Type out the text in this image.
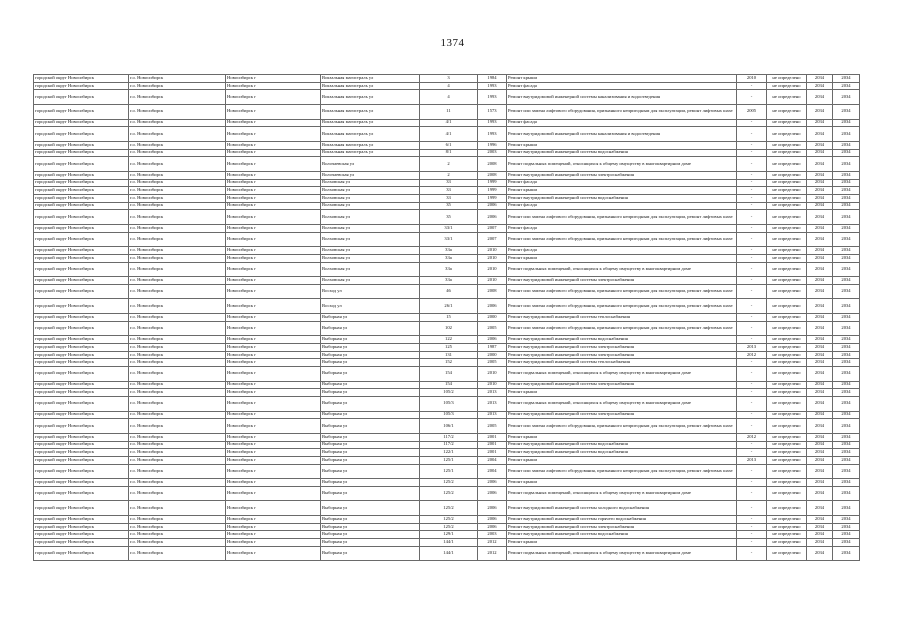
1374
городской округ Новосибирск	г.о. Новосибирск	Новосибирск г	Вокзальная магистраль ул	3	1984	Ремонт крыши	2010	не определено	2034	2034
городской округ Новосибирск	г.о. Новосибирск	Новосибирск г	Вокзальная магистраль ул	4	1993	Ремонт фасада	-	не определено	2034	2034
городской округ Новосибирск	г.о. Новосибирск	Новосибирск г	Вокзальная магистраль ул	4	1993	Ремонт внутридомовой инженерной системы канализования и водоотведения	-	не определено	2034	2034
городской округ Новосибирск	г.о. Новосибирск	Новосибирск г	Вокзальная магистраль ул	11	1573	Ремонт или замена лифтового оборудования, признанного непригодным для эксплуатации, ремонт лифтовых шахт	2005	не определено	2034	2034
городской округ Новосибирск	г.о. Новосибирск	Новосибирск г	Вокзальная магистраль ул	4/1	1993	Ремонт фасада	-	не определено	2034	2034
городской округ Новосибирск	г.о. Новосибирск	Новосибирск г	Вокзальная магистраль ул	4/1	1993	Ремонт внутридомовой инженерной системы канализования и водоотведения	-	не определено	2034	2034
городской округ Новосибирск	г.о. Новосибирск	Новосибирск г	Вокзальная магистраль ул	6/1	1996	Ремонт крыши	-	не определено	2034	2034
городской округ Новосибирск	г.о. Новосибирск	Новосибирск г	Вокзальная магистраль ул	8/1	2003	Ремонт внутридомовой инженерной системы водоснабжения	-	не определено	2034	2034
городской округ Новосибирск	г.о. Новосибирск	Новосибирск г	Волочаевская ул	2	2008	Ремонт подвальных помещений, относящихся к общему имуществу в многоквартирном доме	-	не определено	2034	2034
городской округ Новосибирск	г.о. Новосибирск	Новосибирск г	Волочаевская ул	2	2008	Ремонт внутридомовой инженерной системы электроснабжения	-	не определено	2034	2034
городской округ Новосибирск	г.о. Новосибирск	Новосибирск г	Волховская ул	33	1999	Ремонт фасада	-	не определено	2034	2034
городской округ Новосибирск	г.о. Новосибирск	Новосибирск г	Волховская ул	33	1999	Ремонт крыши	-	не определено	2034	2034
городской округ Новосибирск	г.о. Новосибирск	Новосибирск г	Волховская ул	33	1999	Ремонт внутридомовой инженерной системы водоснабжения	-	не определено	2034	2034
городской округ Новосибирск	г.о. Новосибирск	Новосибирск г	Волховская ул	35	2006	Ремонт фасада	-	не определено	2034	2034
городской округ Новосибирск	г.о. Новосибирск	Новосибирск г	Волховская ул	35	2006	Ремонт или замена лифтового оборудования, признанного непригодным для эксплуатации, ремонт лифтовых шахт	-	не определено	2034	2034
городской округ Новосибирск	г.о. Новосибирск	Новосибирск г	Волховская ул	33/1	2007	Ремонт фасада	-	не определено	2034	2034
городской округ Новосибирск	г.о. Новосибирск	Новосибирск г	Волховская ул	33/1	2007	Ремонт или замена лифтового оборудования, признанного непригодным для эксплуатации, ремонт лифтовых шахт	-	не определено	2034	2034
городской округ Новосибирск	г.о. Новосибирск	Новосибирск г	Волховская ул	33а	2010	Ремонт фасада	-	не определено	2034	2034
городской округ Новосибирск	г.о. Новосибирск	Новосибирск г	Волховская ул	33а	2010	Ремонт крыши	-	не определено	2034	2034
городской округ Новосибирск	г.о. Новосибирск	Новосибирск г	Волховская ул	33а	2010	Ремонт подвальных помещений, относящихся к общему имуществу в многоквартирном доме	-	не определено	2034	2034
городской округ Новосибирск	г.о. Новосибирск	Новосибирск г	Волховская ул	33а	2010	Ремонт внутридомовой инженерной системы электроснабжения	-	не определено	2034	2034
городской округ Новосибирск	г.о. Новосибирск	Новосибирск г	Восход ул	46	2008	Ремонт или замена лифтового оборудования, признанного непригодным для эксплуатации, ремонт лифтовых шахт	-	не определено	2034	2034
городской округ Новосибирск	г.о. Новосибирск	Новосибирск г	Восход ул	26/1	2006	Ремонт или замена лифтового оборудования, признанного непригодным для эксплуатации, ремонт лифтовых шахт	-	не определено	2034	2034
городской округ Новосибирск	г.о. Новосибирск	Новосибирск г	Выборная ул	15	2000	Ремонт внутридомовой инженерной системы теплоснабжения	-	не определено	2034	2034
городской округ Новосибирск	г.о. Новосибирск	Новосибирск г	Выборная ул	102	2005	Ремонт или замена лифтового оборудования, признанного непригодным для эксплуатации, ремонт лифтовых шахт	-	не определено	2034	2034
городской округ Новосибирск	г.о. Новосибирск	Новосибирск г	Выборная ул	122	2006	Ремонт внутридомовой инженерной системы водоснабжения	-	не определено	2034	2034
городской округ Новосибирск	г.о. Новосибирск	Новосибирск г	Выборная ул	125	1987	Ремонт внутридомовой инженерной системы электроснабжения	2013	не определено	2034	2034
городской округ Новосибирск	г.о. Новосибирск	Новосибирск г	Выборная ул	131	2000	Ремонт внутридомовой инженерной системы электроснабжения	2012	не определено	2034	2034
городской округ Новосибирск	г.о. Новосибирск	Новосибирск г	Выборная ул	152	2005	Ремонт внутридомовой инженерной системы теплоснабжения	-	не определено	2034	2034
городской округ Новосибирск	г.о. Новосибирск	Новосибирск г	Выборная ул	154	2010	Ремонт подвальных помещений, относящихся к общему имуществу в многоквартирном доме	-	не определено	2034	2034
городской округ Новосибирск	г.о. Новосибирск	Новосибирск г	Выборная ул	154	2010	Ремонт внутридомовой инженерной системы электроснабжения	-	не определено	2034	2034
городской округ Новосибирск	г.о. Новосибирск	Новосибирск г	Выборная ул	105/2	2013	Ремонт крыши	-	не определено	2034	2034
городской округ Новосибирск	г.о. Новосибирск	Новосибирск г	Выборная ул	105/3	2013	Ремонт подвальных помещений, относящихся к общему имуществу в многоквартирном доме	-	не определено	2034	2034
городской округ Новосибирск	г.о. Новосибирск	Новосибирск г	Выборная ул	105/3	2013	Ремонт внутридомовой инженерной системы электроснабжения	-	не определено	2034	2034
городской округ Новосибирск	г.о. Новосибирск	Новосибирск г	Выборная ул	106/1	2005	Ремонт или замена лифтового оборудования, признанного непригодным для эксплуатации, ремонт лифтовых шахт	-	не определено	2034	2034
городской округ Новосибирск	г.о. Новосибирск	Новосибирск г	Выборная ул	117/2	2001	Ремонт крыши	2012	не определено	2034	2034
городской округ Новосибирск	г.о. Новосибирск	Новосибирск г	Выборная ул	117/2	2001	Ремонт внутридомовой инженерной системы водоснабжения	-	не определено	2034	2034
городской округ Новосибирск	г.о. Новосибирск	Новосибирск г	Выборная ул	122/1	2001	Ремонт внутридомовой инженерной системы водоснабжения	-	не определено	2034	2034
городской округ Новосибирск	г.о. Новосибирск	Новосибирск г	Выборная ул	125/1	2004	Ремонт крыши	2013	не определено	2034	2034
городской округ Новосибирск	г.о. Новосибирск	Новосибирск г	Выборная ул	125/1	2004	Ремонт или замена лифтового оборудования, признанного непригодным для эксплуатации, ремонт лифтовых шахт	-	не определено	2034	2034
городской округ Новосибирск	г.о. Новосибирск	Новосибирск г	Выборная ул	125/2	2006	Ремонт крыши	-	не определено	2034	2034
городской округ Новосибирск	г.о. Новосибирск	Новосибирск г	Выборная ул	125/2	2006	Ремонт подвальных помещений, относящихся к общему имуществу в многоквартирном доме	-	не определено	2034	2034
городской округ Новосибирск	г.о. Новосибирск	Новосибирск г	Выборная ул	125/2	2006	Ремонт внутридомовой инженерной системы холодного водоснабжения	-	не определено	2034	2034
городской округ Новосибирск	г.о. Новосибирск	Новосибирск г	Выборная ул	125/2	2006	Ремонт внутридомовой инженерной системы горячего водоснабжения	-	не определено	2034	2034
городской округ Новосибирск	г.о. Новосибирск	Новосибирск г	Выборная ул	125/2	2006	Ремонт внутридомовой инженерной системы электроснабжения	-	не определено	2034	2034
городской округ Новосибирск	г.о. Новосибирск	Новосибирск г	Выборная ул	129/1	2003	Ремонт внутридомовой инженерной системы водоснабжения	-	не определено	2034	2034
городской округ Новосибирск	г.о. Новосибирск	Новосибирск г	Выборная ул	144/1	2012	Ремонт крыши	-	не определено	2034	2034
городской округ Новосибирск	г.о. Новосибирск	Новосибирск г	Выборная ул	144/1	2012	Ремонт подвальных помещений, относящихся к общему имуществу в многоквартирном доме	-	не определено	2034	2034
